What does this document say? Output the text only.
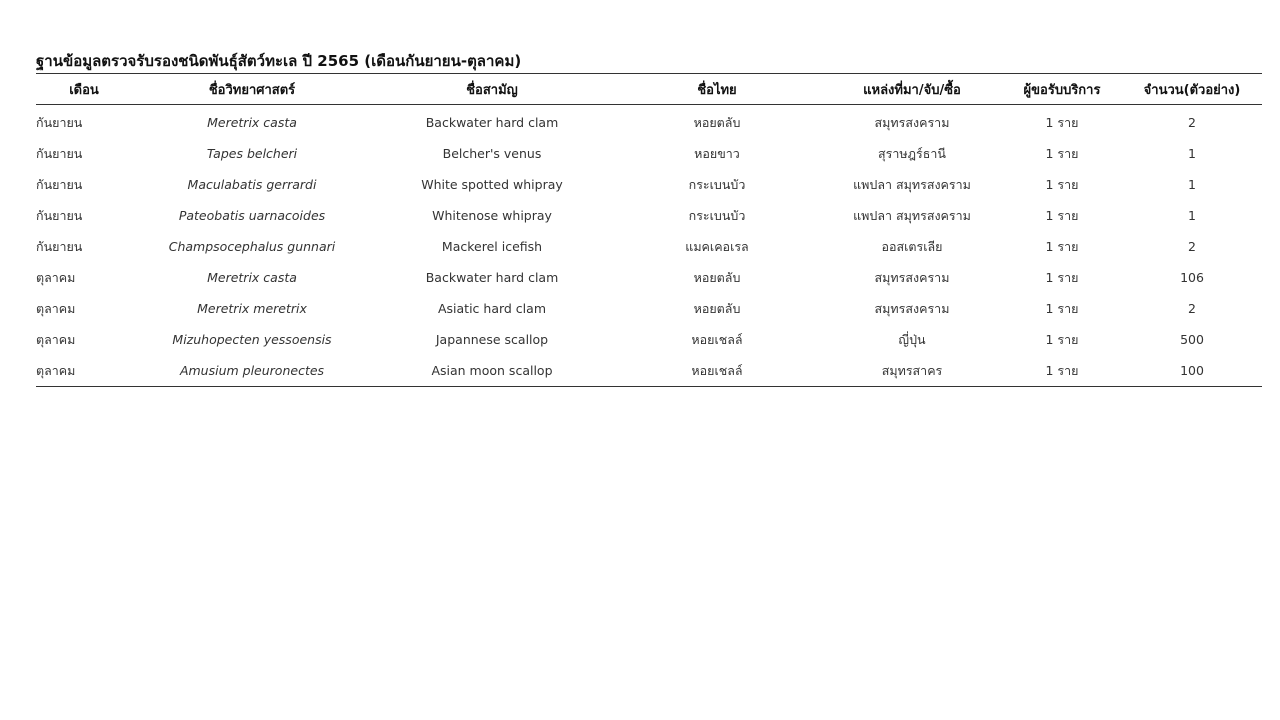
ฐานข้อมูลตรวจรับรองชนิดพันธุ์สัตว์ทะเล ปี 2565 (เดือนกันยายน-ตุลาคม)
เดือน	ชื่อวิทยาศาสตร์	ชื่อสามัญ	ชื่อไทย	แหล่งที่มา/จับ/ซื้อ	ผู้ขอรับบริการ	จำนวน(ตัวอย่าง)
กันยายน	Meretrix casta	Backwater hard clam	หอยตลับ	สมุทรสงคราม	1 ราย	2
กันยายน	Tapes belcheri	Belcher's venus	หอยขาว	สุราษฎร์ธานี	1 ราย	1
กันยายน	Maculabatis gerrardi	White spotted whipray	กระเบนบัว	แพปลา สมุทรสงคราม	1 ราย	1
กันยายน	Pateobatis uarnacoides	Whitenose whipray	กระเบนบัว	แพปลา สมุทรสงคราม	1 ราย	1
กันยายน	Champsocephalus gunnari	Mackerel icefish	แมคเคอเรล	ออสเตรเลีย	1 ราย	2
ตุลาคม	Meretrix casta	Backwater hard clam	หอยตลับ	สมุทรสงคราม	1 ราย	106
ตุลาคม	Meretrix meretrix	Asiatic hard clam	หอยตลับ	สมุทรสงคราม	1 ราย	2
ตุลาคม	Mizuhopecten yessoensis	Japannese scallop	หอยเชลล์	ญี่ปุ่น	1 ราย	500
ตุลาคม	Amusium pleuronectes	Asian moon scallop	หอยเชลล์	สมุทรสาคร	1 ราย	100
